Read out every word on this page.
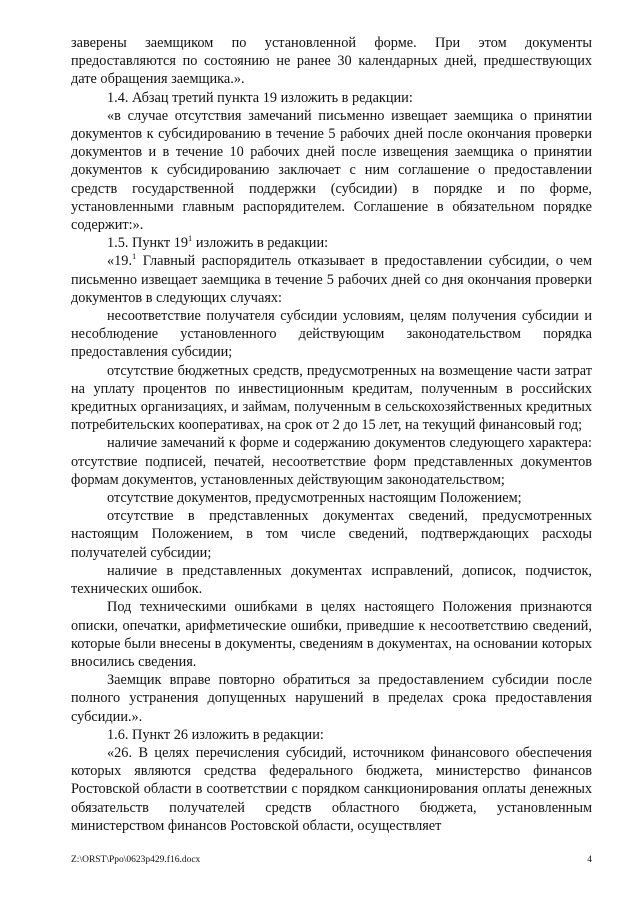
заверены заемщиком по установленной форме. При этом документы предоставляются по состоянию не ранее 30 календарных дней, предшествующих дате обращения заемщика.».

1.4. Абзац третий пункта 19 изложить в редакции:

«в случае отсутствия замечаний письменно извещает заемщика о принятии документов к субсидированию в течение 5 рабочих дней после окончания проверки документов и в течение 10 рабочих дней после извещения заемщика о принятии документов к субсидированию заключает с ним соглашение о предоставлении средств государственной поддержки (субсидии) в порядке и по форме, установленными главным распорядителем. Соглашение в обязательном порядке содержит:».

1.5. Пункт $19^1$ изложить в редакции:

«19.$^1$ Главный распорядитель отказывает в предоставлении субсидии, о чем письменно извещает заемщика в течение 5 рабочих дней со дня окончания проверки документов в следующих случаях:

несоответствие получателя субсидии условиям, целям получения субсидии и несоблюдение установленного действующим законодательством порядка предоставления субсидии;

отсутствие бюджетных средств, предусмотренных на возмещение части затрат на уплату процентов по инвестиционным кредитам, полученным в российских кредитных организациях, и займам, полученным в сельскохозяйственных кредитных потребительских кооперативах, на срок от 2 до 15 лет, на текущий финансовый год;

наличие замечаний к форме и содержанию документов следующего характера: отсутствие подписей, печатей, несоответствие форм представленных документов формам документов, установленных действующим законодательством;

отсутствие документов, предусмотренных настоящим Положением;

отсутствие в представленных документах сведений, предусмотренных настоящим Положением, в том числе сведений, подтверждающих расходы получателей субсидии;

наличие в представленных документах исправлений, дописок, подчисток, технических ошибок.

Под техническими ошибками в целях настоящего Положения признаются описки, опечатки, арифметические ошибки, приведшие к несоответствию сведений, которые были внесены в документы, сведениям в документах, на основании которых вносились сведения.

Заемщик вправе повторно обратиться за предоставлением субсидии после полного устранения допущенных нарушений в пределах срока предоставления субсидии.».

1.6. Пункт 26 изложить в редакции:

«26. В целях перечисления субсидий, источником финансового обеспечения которых являются средства федерального бюджета, министерство финансов Ростовской области в соответствии с порядком санкционирования оплаты денежных обязательств получателей средств областного бюджета, установленным министерством финансов Ростовской области, осуществляет

Z:\ORST\Ppo\0623p429.f16.docx	4
